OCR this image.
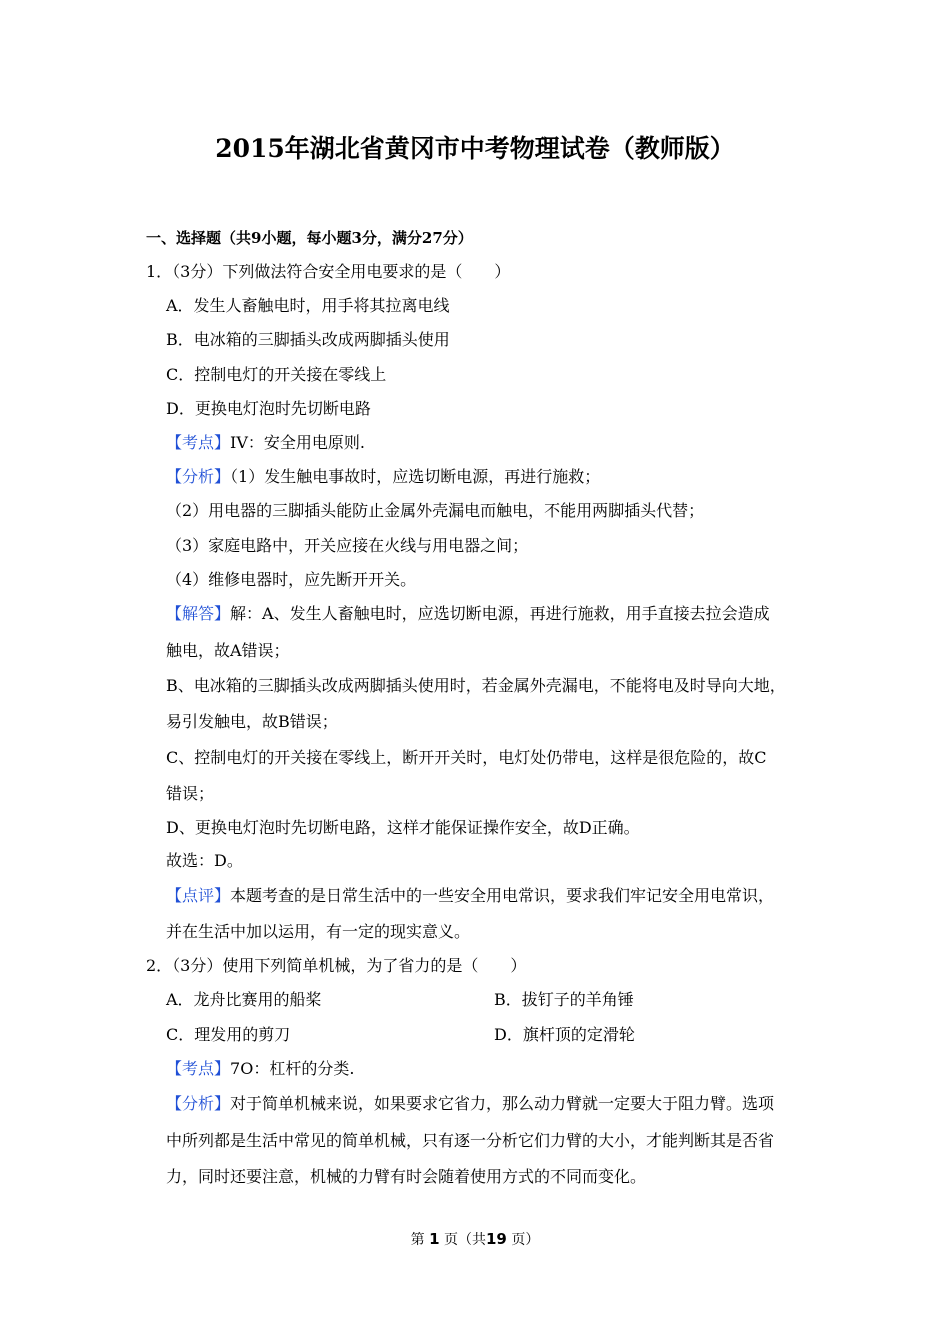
2015年湖北省黄冈市中考物理试卷（教师版）
一、选择题（共9小题，每小题3分，满分27分）
1．（3分）下列做法符合安全用电要求的是（　　）
A．发生人畜触电时，用手将其拉离电线
B．电冰箱的三脚插头改成两脚插头使用
C．控制电灯的开关接在零线上
D．更换电灯泡时先切断电路
【考点】IV：安全用电原则.
【分析】（1）发生触电事故时，应选切断电源，再进行施救；
（2）用电器的三脚插头能防止金属外壳漏电而触电，不能用两脚插头代替；
（3）家庭电路中，开关应接在火线与用电器之间；
（4）维修电器时，应先断开开关。
【解答】解：A、发生人畜触电时，应选切断电源，再进行施救，用手直接去拉会造成
触电，故A错误；
B、电冰箱的三脚插头改成两脚插头使用时，若金属外壳漏电，不能将电及时导向大地，
易引发触电，故B错误；
C、控制电灯的开关接在零线上，断开开关时，电灯处仍带电，这样是很危险的，故C
错误；
D、更换电灯泡时先切断电路，这样才能保证操作安全，故D正确。
故选：D。
【点评】本题考查的是日常生活中的一些安全用电常识，要求我们牢记安全用电常识，
并在生活中加以运用，有一定的现实意义。
2．（3分）使用下列简单机械，为了省力的是（　　）
A．龙舟比赛用的船桨	B．拔钉子的羊角锤
C．理发用的剪刀	D．旗杆顶的定滑轮
【考点】7O：杠杆的分类.
【分析】对于简单机械来说，如果要求它省力，那么动力臂就一定要大于阻力臂。选项
中所列都是生活中常见的简单机械，只有逐一分析它们力臂的大小，才能判断其是否省
力，同时还要注意，机械的力臂有时会随着使用方式的不同而变化。
第 1 页（共19 页）
